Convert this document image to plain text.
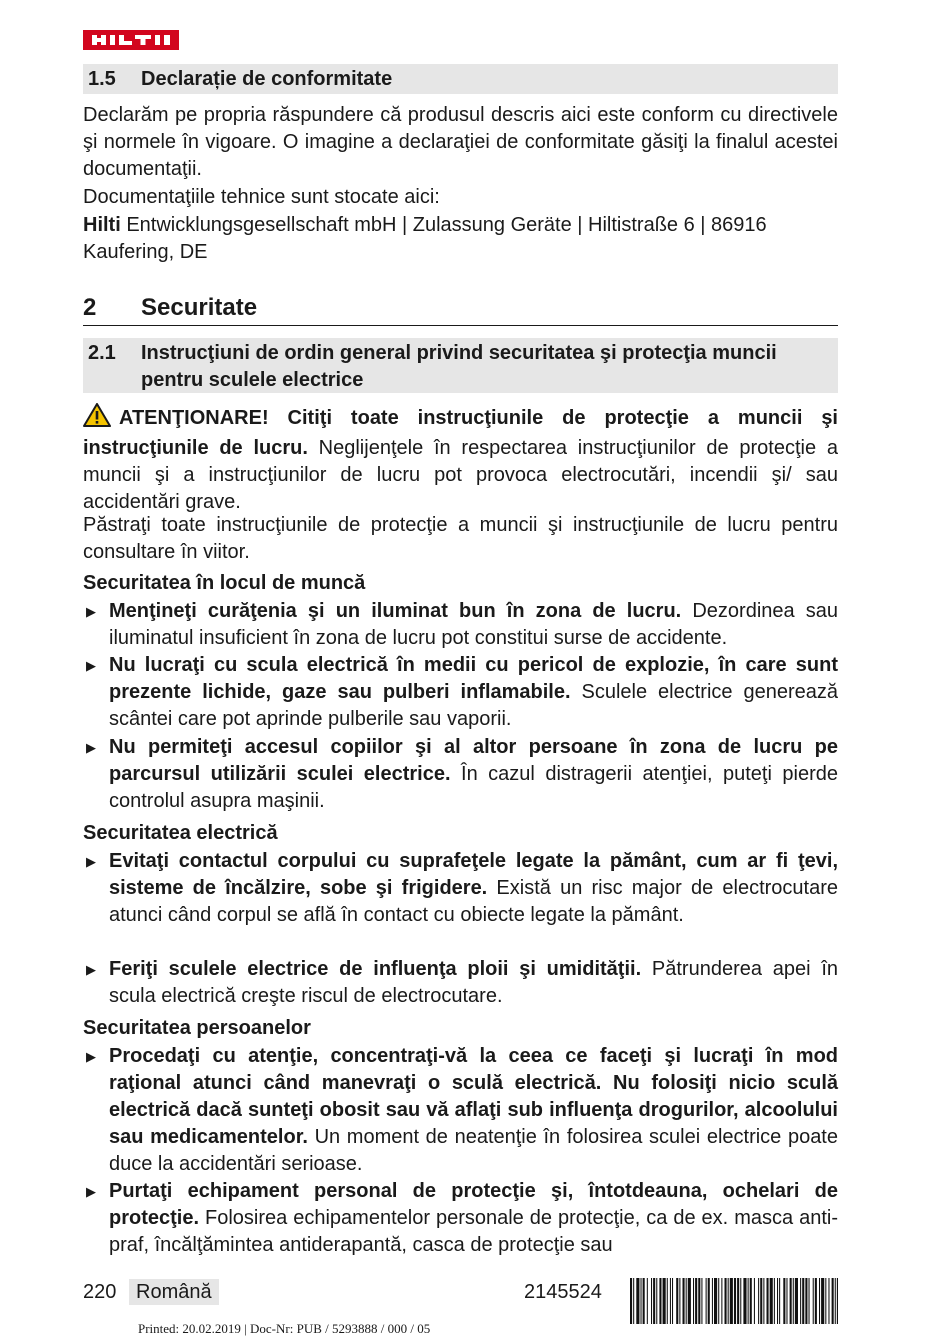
1.5 Declarație de conformitate

Declarăm pe propria răspundere că produsul descris aici este conform cu directivele şi normele în vigoare. O imagine a declaraţiei de conformitate găsiţi la finalul acestei documentaţii.

Documentaţiile tehnice sunt stocate aici:

Hilti Entwicklungsgesellschaft mbH | Zulassung Geräte | Hiltistraße 6 | 86916 Kaufering, DE

2 Securitate
2.1 Instrucţiuni de ordin general privind securitatea şi protecţia muncii pentru sculele electrice

ATENŢIONARE! Citiţi toate instrucţiunile de protecţie a muncii şi instrucţiunile de lucru. Neglijenţele în respectarea instrucţiunilor de protecţie a muncii şi a instrucţiunilor de lucru pot provoca electrocutări, incendii şi/ sau accidentări grave.

Păstraţi toate instrucţiunile de protecţie a muncii şi instrucţiunile de lucru pentru consultare în viitor.

Securitatea în locul de muncă
▶ Menţineţi curăţenia şi un iluminat bun în zona de lucru. Dezordinea sau iluminatul insuficient în zona de lucru pot constitui surse de accidente.

▶ Nu lucraţi cu scula electrică în medii cu pericol de explozie, în care sunt prezente lichide, gaze sau pulberi inflamabile. Sculele electrice generează scântei care pot aprinde pulberile sau vaporii.

▶ Nu permiteţi accesul copiilor şi al altor persoane în zona de lucru pe parcursul utilizării sculei electrice. În cazul distragerii atenţiei, puteţi pierde controlul asupra maşinii.

Securitatea electrică
▶ Evitaţi contactul corpului cu suprafeţele legate la pământ, cum ar fi ţevi, sisteme de încălzire, sobe şi frigidere. Există un risc major de electrocutare atunci când corpul se află în contact cu obiecte legate la pământ.

▶ Feriţi sculele electrice de influenţa ploii şi umidităţii. Pătrunderea apei în scula electrică creşte riscul de electrocutare.

Securitatea persoanelor
▶ Procedaţi cu atenţie, concentraţi-vă la ceea ce faceţi şi lucraţi în mod raţional atunci când manevraţi o sculă electrică. Nu folosiţi nicio sculă electrică dacă sunteţi obosit sau vă aflaţi sub influenţa drogurilor, alcoolului sau medicamentelor. Un moment de neatenţie în folosirea sculei electrice poate duce la accidentări serioase.

▶ Purtaţi echipament personal de protecţie şi, întotdeauna, ochelari de protecţie. Folosirea echipamentelor personale de protecţie, ca de ex. masca anti-praf, încălţămintea antiderapantă, casca de protecţie sau

220 Română	2145524
Printed: 20.02.2019 | Doc-Nr: PUB / 5293888 / 000 / 05
